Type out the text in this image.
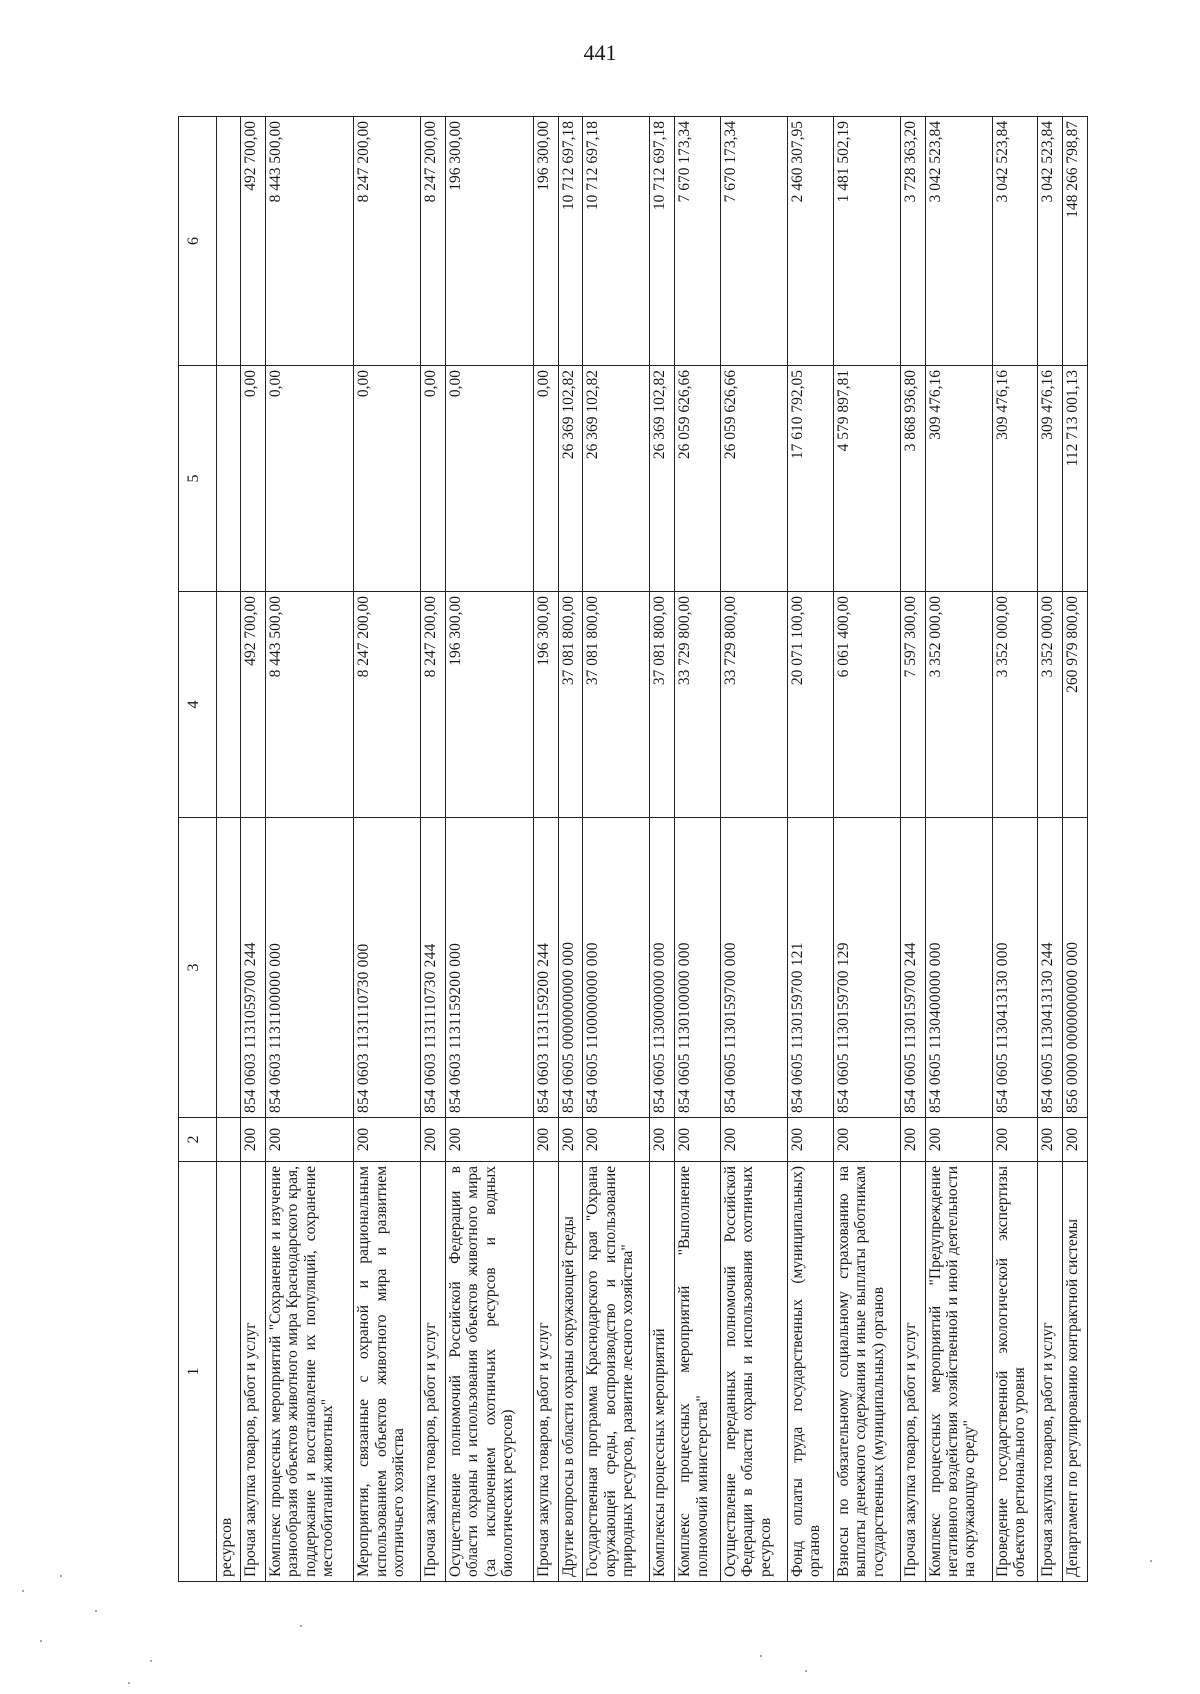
441
1	2	3	4	5	6
ресурсов					
Прочая закупка товаров, работ и услуг	200	854 0603 1131059700 244	492 700,00	0,00	492 700,00
Комплекс процессных мероприятий "Сохранение и изучение разнообразия объектов животного мира Краснодарского края, поддержание и восстановление их популяций, сохранение местообитаний животных"	200	854 0603 1131100000 000	8 443 500,00	0,00	8 443 500,00
Мероприятия, связанные с охраной и рациональным использованием объектов животного мира и развитием охотничьего хозяйства	200	854 0603 1131110730 000	8 247 200,00	0,00	8 247 200,00
Прочая закупка товаров, работ и услуг	200	854 0603 1131110730 244	8 247 200,00	0,00	8 247 200,00
Осуществление полномочий Российской Федерации в области охраны и использования объектов животного мира (за исключением охотничьих ресурсов и водных биологических ресурсов)	200	854 0603 1131159200 000	196 300,00	0,00	196 300,00
Прочая закупка товаров, работ и услуг	200	854 0603 1131159200 244	196 300,00	0,00	196 300,00
Другие вопросы в области охраны окружающей среды	200	854 0605 0000000000 000	37 081 800,00	26 369 102,82	10 712 697,18
Государственная программа Краснодарского края "Охрана окружающей среды, воспроизводство и использование природных ресурсов, развитие лесного хозяйства"	200	854 0605 1100000000 000	37 081 800,00	26 369 102,82	10 712 697,18
Комплексы процессных мероприятий	200	854 0605 1130000000 000	37 081 800,00	26 369 102,82	10 712 697,18
Комплекс процессных мероприятий "Выполнение полномочий министерства"	200	854 0605 1130100000 000	33 729 800,00	26 059 626,66	7 670 173,34
Осуществление переданных полномочий Российской Федерации в области охраны и использования охотничьих ресурсов	200	854 0605 1130159700 000	33 729 800,00	26 059 626,66	7 670 173,34
Фонд оплаты труда государственных (муниципальных) органов	200	854 0605 1130159700 121	20 071 100,00	17 610 792,05	2 460 307,95
Взносы по обязательному социальному страхованию на выплаты денежного содержания и иные выплаты работникам государственных (муниципальных) органов	200	854 0605 1130159700 129	6 061 400,00	4 579 897,81	1 481 502,19
Прочая закупка товаров, работ и услуг	200	854 0605 1130159700 244	7 597 300,00	3 868 936,80	3 728 363,20
Комплекс процессных мероприятий "Предупреждение негативного воздействия хозяйственной и иной деятельности на окружающую среду"	200	854 0605 1130400000 000	3 352 000,00	309 476,16	3 042 523,84
Проведение государственной экологической экспертизы объектов регионального уровня	200	854 0605 1130413130 000	3 352 000,00	309 476,16	3 042 523,84
Прочая закупка товаров, работ и услуг	200	854 0605 1130413130 244	3 352 000,00	309 476,16	3 042 523,84
Департамент по регулированию контрактной системы	200	856 0000 0000000000 000	260 979 800,00	112 713 001,13	148 266 798,87
